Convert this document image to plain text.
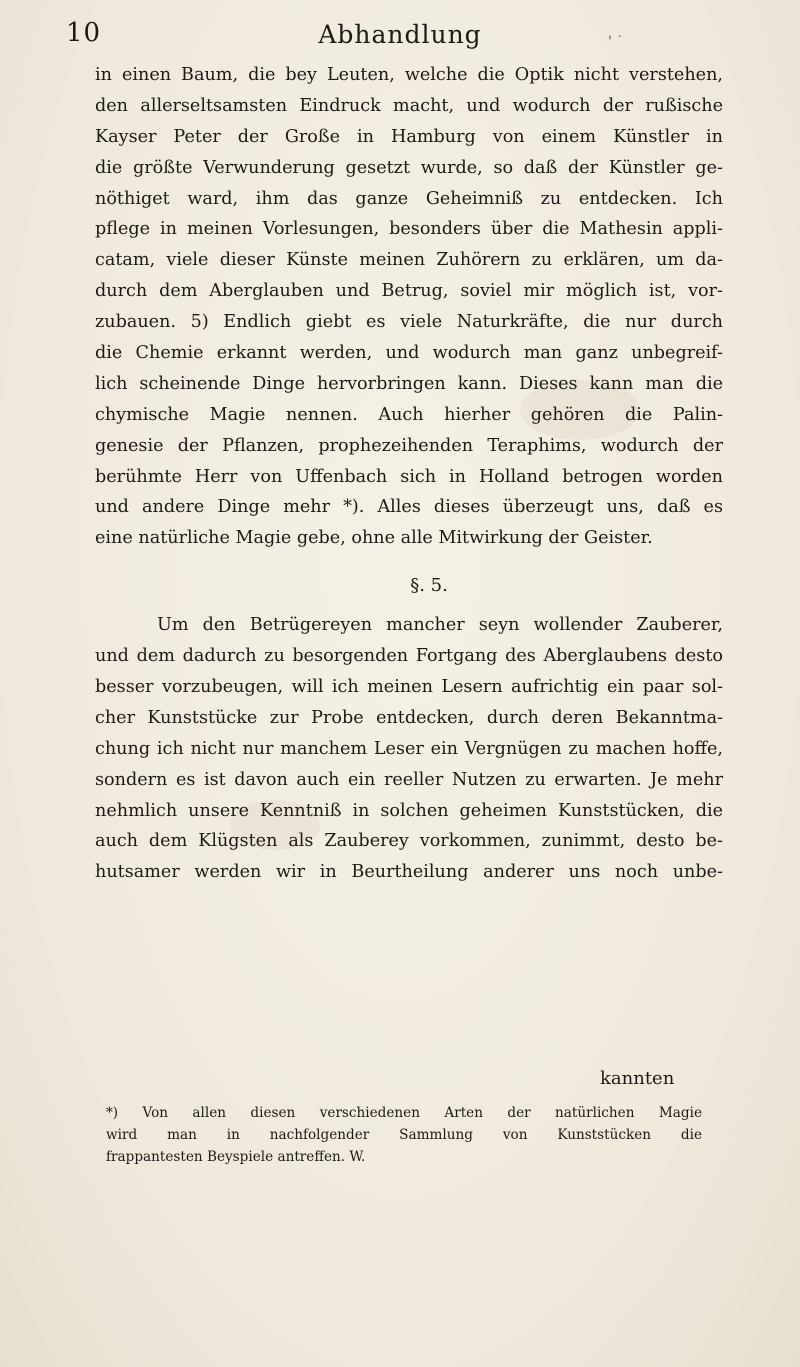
10	Abhandlung	' ˙
in einen Baum, die bey Leuten, welche die Optik nicht verstehen,
den allerseltsamsten Eindruck macht, und wodurch der rußische
Kayser Peter der Große in Hamburg von einem Künstler in
die größte Verwunderung gesetzt wurde, so daß der Künstler ge-
nöthiget ward, ihm das ganze Geheimniß zu entdecken. Ich
pflege in meinen Vorlesungen, besonders über die Mathesin appli-
catam, viele dieser Künste meinen Zuhörern zu erklären, um da-
durch dem Aberglauben und Betrug, soviel mir möglich ist, vor-
zubauen. 5) Endlich giebt es viele Naturkräfte, die nur durch
die Chemie erkannt werden, und wodurch man ganz unbegreif-
lich scheinende Dinge hervorbringen kann. Dieses kann man die
chymische Magie nennen. Auch hierher gehören die Palin-
genesie der Pflanzen, prophezeihenden Teraphims, wodurch der
berühmte Herr von Uffenbach sich in Holland betrogen worden
und andere Dinge mehr *). Alles dieses überzeugt uns, daß es
eine natürliche Magie gebe, ohne alle Mitwirkung der Geister.
§. 5.
Um den Betrügereyen mancher seyn wollender Zauberer,
und dem dadurch zu besorgenden Fortgang des Aberglaubens desto
besser vorzubeugen, will ich meinen Lesern aufrichtig ein paar sol-
cher Kunststücke zur Probe entdecken, durch deren Bekanntma-
chung ich nicht nur manchem Leser ein Vergnügen zu machen hoffe,
sondern es ist davon auch ein reeller Nutzen zu erwarten. Je mehr
nehmlich unsere Kenntniß in solchen geheimen Kunststücken, die
auch dem Klügsten als Zauberey vorkommen, zunimmt, desto be-
hutsamer werden wir in Beurtheilung anderer uns noch unbe-
kannten
*) Von allen diesen verschiedenen Arten der natürlichen Magie
wird man in nachfolgender Sammlung von Kunststücken die
frappantesten Beyspiele antreffen. W.
